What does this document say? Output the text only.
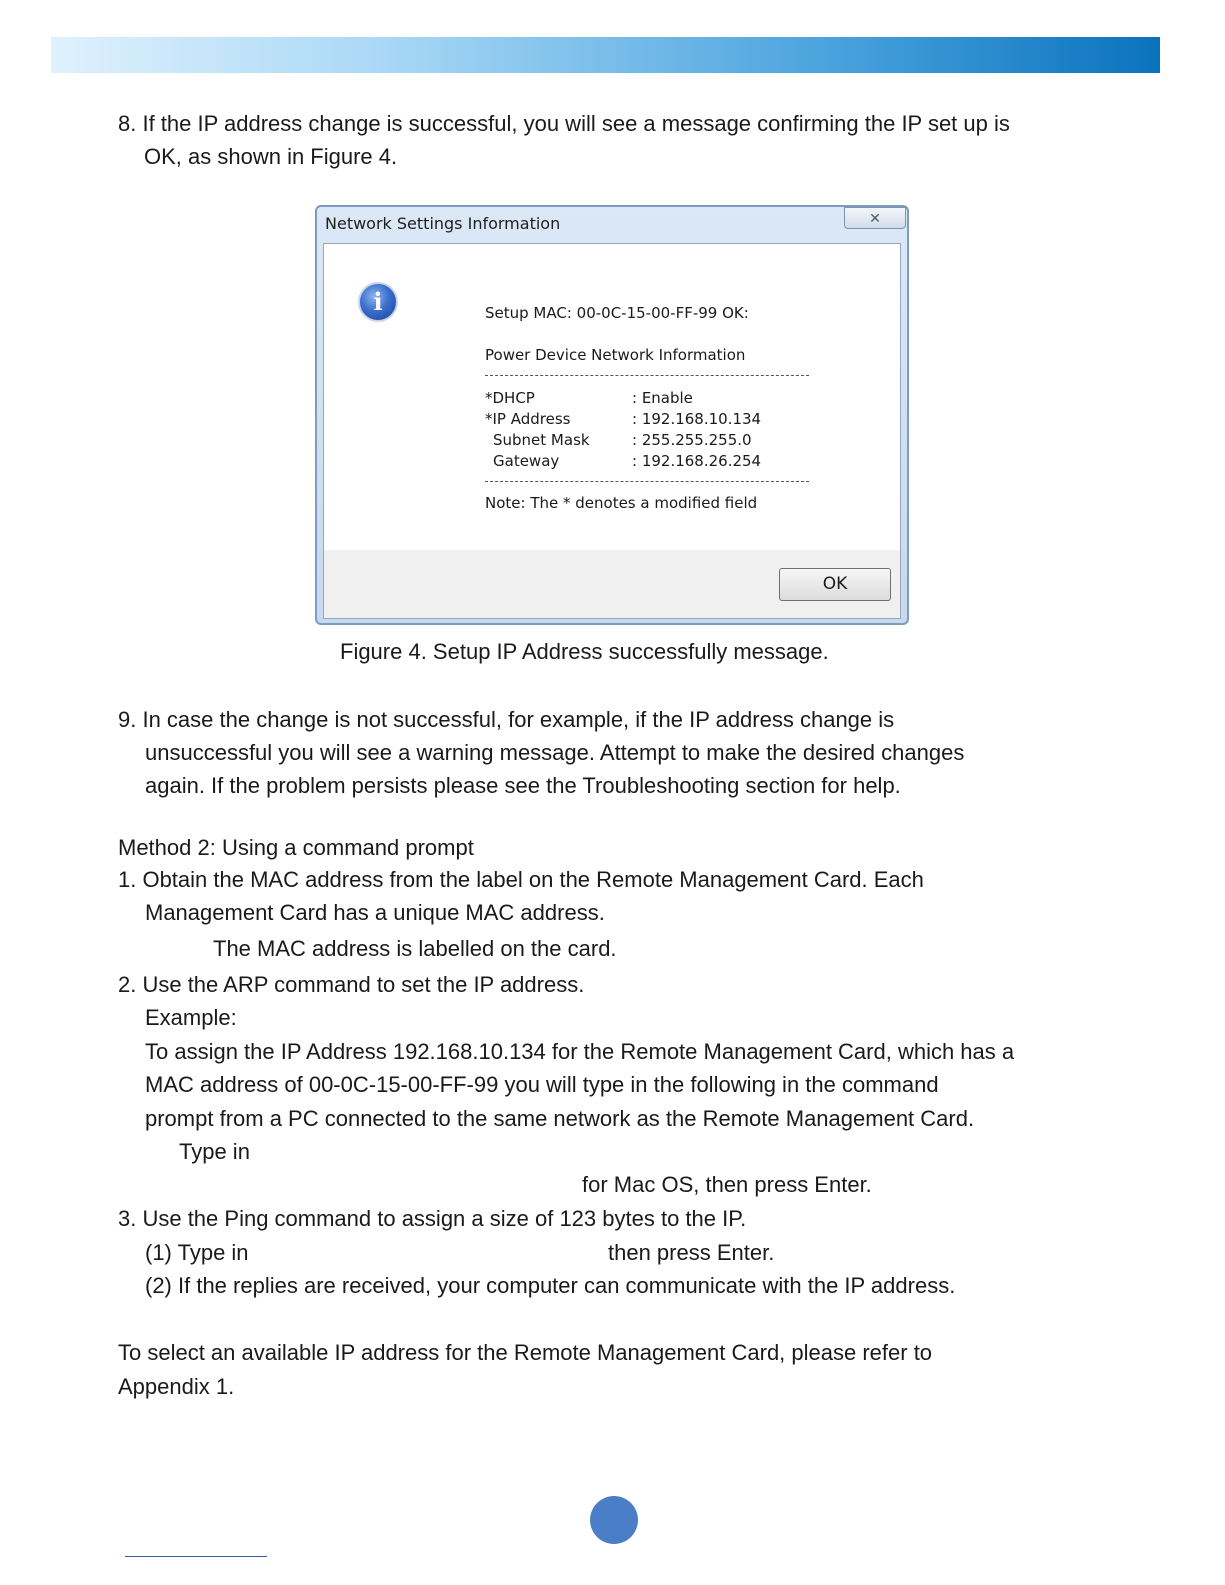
8. If the IP address change is successful, you will see a message confirming the IP set up is
OK, as shown in Figure 4.
Network Settings Information	✕
i	Setup MAC: 00-0C-15-00-FF-99 OK:
Power Device Network Information
*DHCP	: Enable
*IP Address	: 192.168.10.134
Subnet Mask	: 255.255.255.0
Gateway	: 192.168.26.254
Note: The * denotes a modified field
OK
Figure 4. Setup IP Address successfully message.
9. In case the change is not successful, for example, if the IP address change is
unsuccessful you will see a warning message. Attempt to make the desired changes
again. If the problem persists please see the Troubleshooting section for help.
Method 2: Using a command prompt
1. Obtain the MAC address from the label on the Remote Management Card. Each
Management Card has a unique MAC address.
The MAC address is labelled on the card.
2. Use the ARP command to set the IP address.
Example:
To assign the IP Address 192.168.10.134 for the Remote Management Card, which has a
MAC address of 00-0C-15-00-FF-99 you will type in the following in the command
prompt from a PC connected to the same network as the Remote Management Card.
Type in
for Mac OS, then press Enter.
3. Use the Ping command to assign a size of 123 bytes to the IP.
(1) Type in	then press Enter.
(2) If the replies are received, your computer can communicate with the IP address.
To select an available IP address for the Remote Management Card, please refer to
Appendix 1.
